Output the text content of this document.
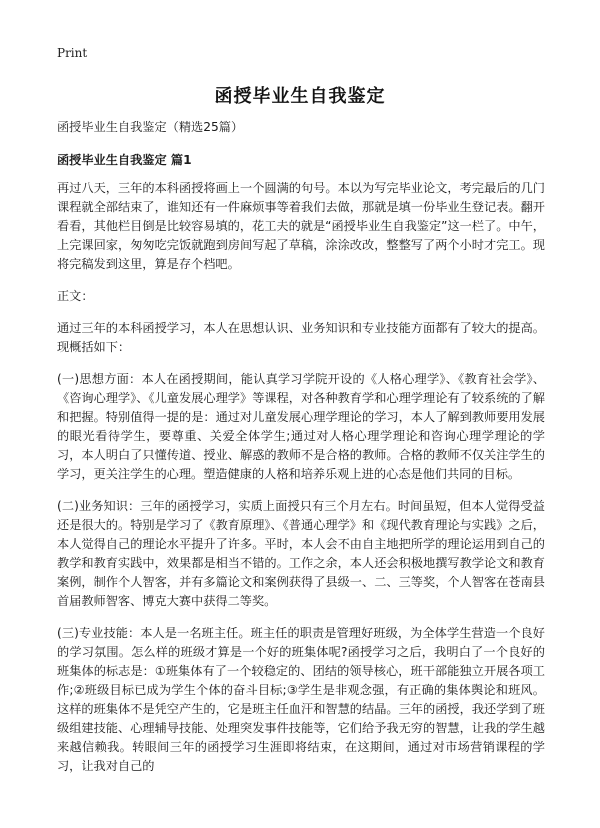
Print
函授毕业生自我鉴定
函授毕业生自我鉴定（精选25篇）
函授毕业生自我鉴定 篇1
再过八天，三年的本科函授将画上一个圆满的句号。本以为写完毕业论文，考完最后的几门课程就全部结束了，谁知还有一件麻烦事等着我们去做，那就是填一份毕业生登记表。翻开看看，其他栏目倒是比较容易填的，花工夫的就是“函授毕业生自我鉴定”这一栏了。中午，上完课回家，匆匆吃完饭就跑到房间写起了草稿，涂涂改改，整整写了两个小时才完工。现将完稿发到这里，算是存个档吧。
正文：
通过三年的本科函授学习，本人在思想认识、业务知识和专业技能方面都有了较大的提高。现概括如下：
(一)思想方面：本人在函授期间，能认真学习学院开设的《人格心理学》、《教育社会学》、《咨询心理学》、《儿童发展心理学》等课程，对各种教育学和心理学理论有了较系统的了解和把握。特别值得一提的是：通过对儿童发展心理学理论的学习，本人了解到教师要用发展的眼光看待学生，要尊重、关爱全体学生;通过对人格心理学理论和咨询心理学理论的学习，本人明白了只懂传道、授业、解惑的教师不是合格的教师。合格的教师不仅关注学生的学习，更关注学生的心理。塑造健康的人格和培养乐观上进的心态是他们共同的目标。
(二)业务知识：三年的函授学习，实质上面授只有三个月左右。时间虽短，但本人觉得受益还是很大的。特别是学习了《教育原理》、《普通心理学》和《现代教育理论与实践》之后，本人觉得自己的理论水平提升了许多。平时，本人会不由自主地把所学的理论运用到自己的教学和教育实践中，效果都是相当不错的。工作之余，本人还会积极地撰写教学论文和教育案例，制作个人智客，并有多篇论文和案例获得了县级一、二、三等奖，个人智客在苍南县首届教师智客、博克大赛中获得二等奖。
(三)专业技能：本人是一名班主任。班主任的职责是管理好班级，为全体学生营造一个良好的学习氛围。怎么样的班级才算是一个好的班集体呢?函授学习之后，我明白了一个良好的班集体的标志是：①班集体有了一个较稳定的、团结的领导核心，班干部能独立开展各项工作;②班级目标已成为学生个体的奋斗目标;③学生是非观念强，有正确的集体舆论和班风。这样的班集体不是凭空产生的，它是班主任血汗和智慧的结晶。三年的函授，我还学到了班级组建技能、心理辅导技能、处理突发事件技能等，它们给予我无穷的智慧，让我的学生越来越信赖我。转眼间三年的函授学习生涯即将结束，在这期间，通过对市场营销课程的学习，让我对自己的
